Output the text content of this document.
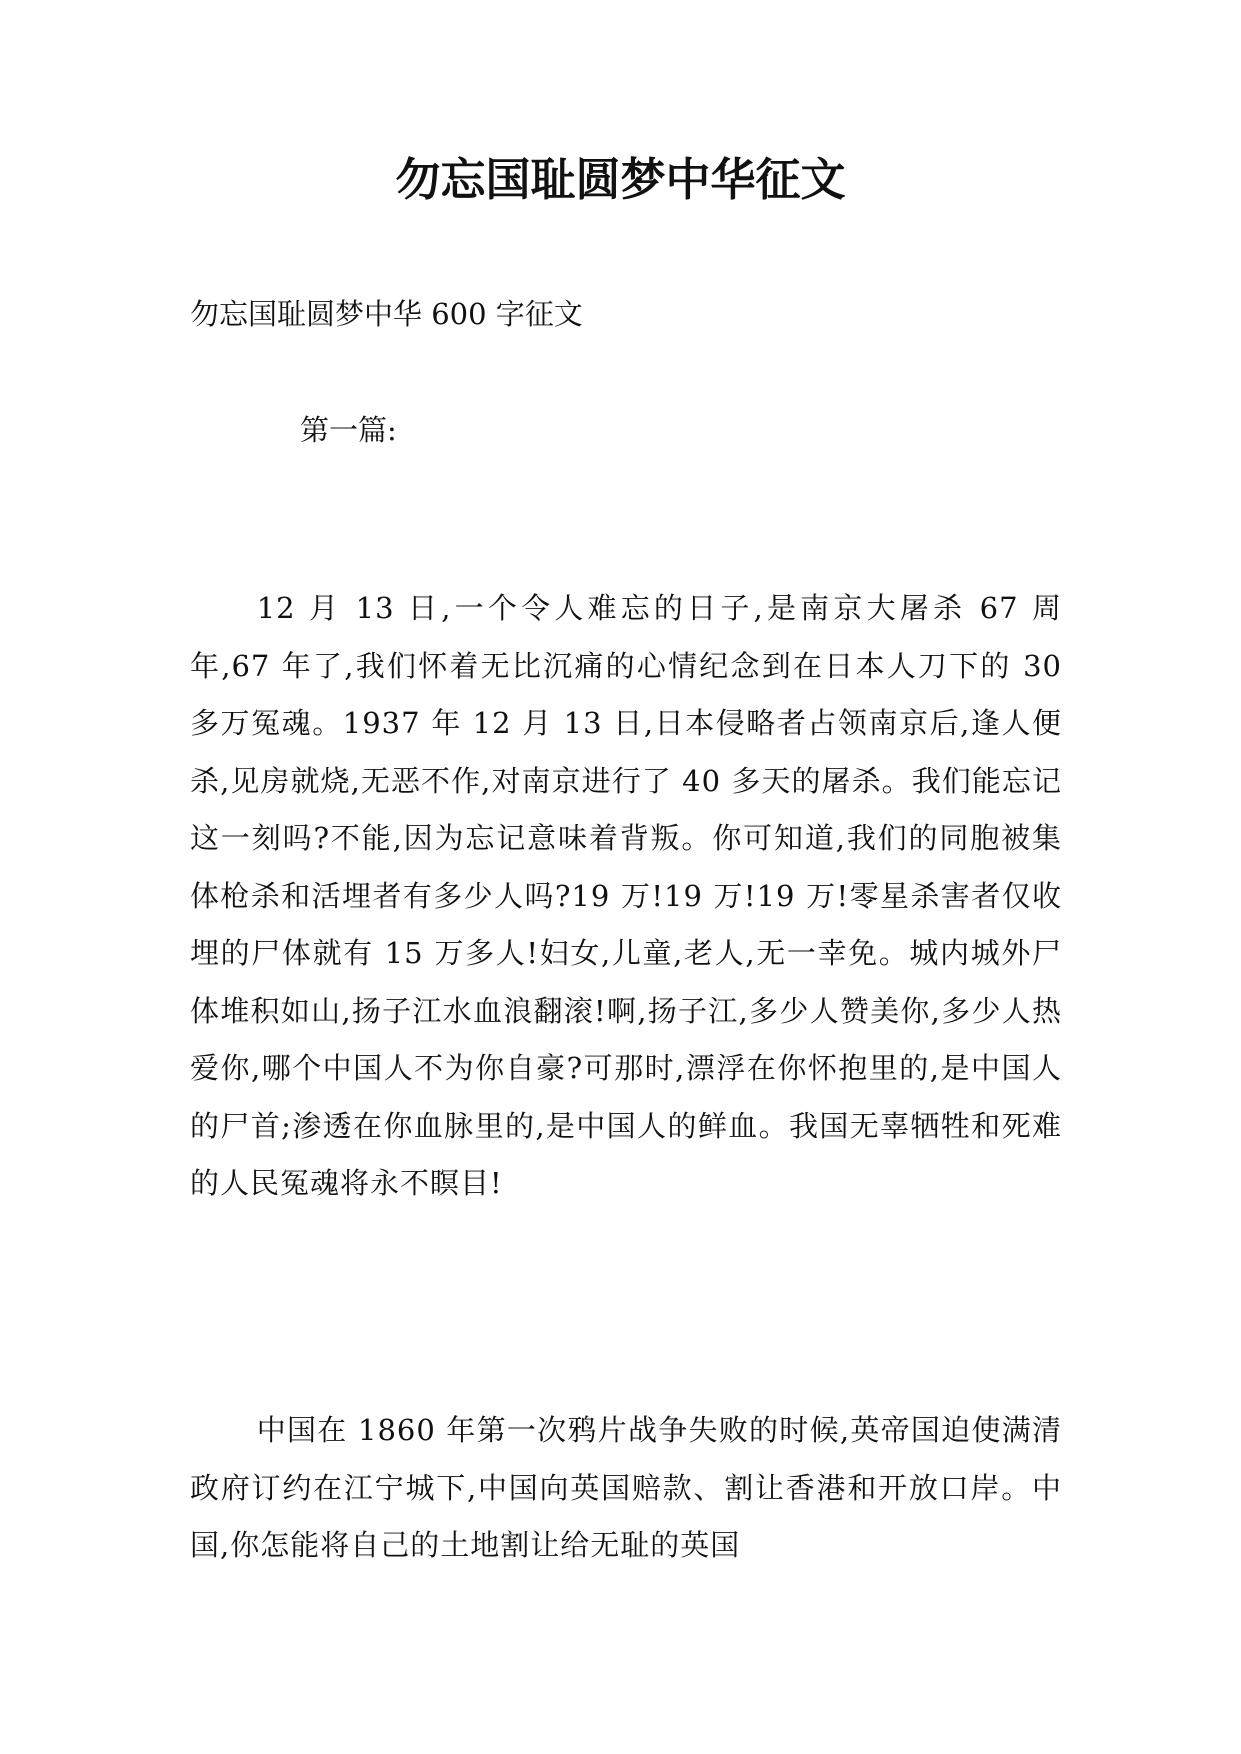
勿忘国耻圆梦中华征文

勿忘国耻圆梦中华 600 字征文

第一篇:

12 月 13 日,一个令人难忘的日子,是南京大屠杀 67 周年,67 年了,我们怀着无比沉痛的心情纪念到在日本人刀下的 30 多万冤魂。1937 年 12 月 13 日,日本侵略者占领南京后,逢人便杀,见房就烧,无恶不作,对南京进行了 40 多天的屠杀。我们能忘记这一刻吗?不能,因为忘记意味着背叛。你可知道,我们的同胞被集体枪杀和活埋者有多少人吗?19 万!19 万!19 万!零星杀害者仅收埋的尸体就有 15 万多人!妇女,儿童,老人,无一幸免。城内城外尸体堆积如山,扬子江水血浪翻滚!啊,扬子江,多少人赞美你,多少人热爱你,哪个中国人不为你自豪?可那时,漂浮在你怀抱里的,是中国人的尸首;渗透在你血脉里的,是中国人的鲜血。我国无辜牺牲和死难的人民冤魂将永不瞑目!

中国在 1860 年第一次鸦片战争失败的时候,英帝国迫使满清政府订约在江宁城下,中国向英国赔款、割让香港和开放口岸。中国,你怎能将自己的土地割让给无耻的英国
